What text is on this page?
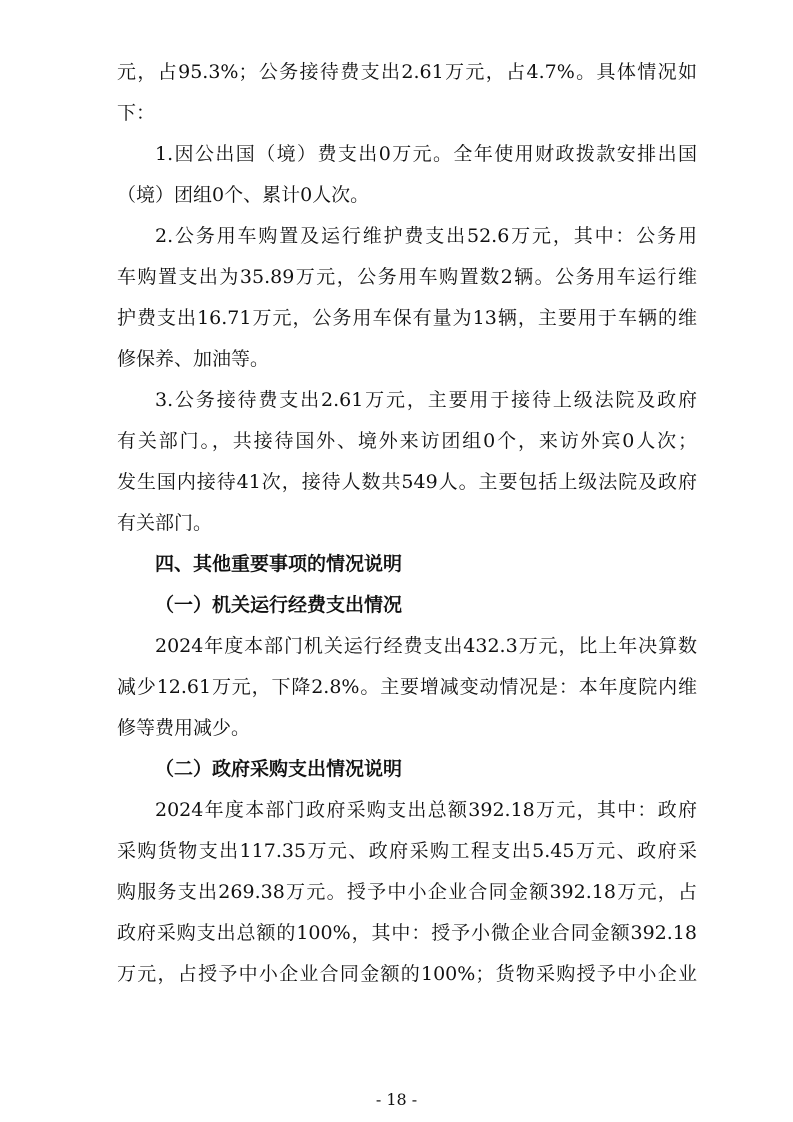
元，占95.3%；公务接待费支出2.61万元，占4.7%。具体情况如
下：
1.因公出国（境）费支出0万元。全年使用财政拨款安排出国
（境）团组0个、累计0人次。
2.公务用车购置及运行维护费支出52.6万元，其中：公务用
车购置支出为35.89万元，公务用车购置数2辆。公务用车运行维
护费支出16.71万元，公务用车保有量为13辆，主要用于车辆的维
修保养、加油等。
3.公务接待费支出2.61万元，主要用于接待上级法院及政府
有关部门。，共接待国外、境外来访团组0个，来访外宾0人次；
发生国内接待41次，接待人数共549人。主要包括上级法院及政府
有关部门。
四、其他重要事项的情况说明
（一）机关运行经费支出情况
2024年度本部门机关运行经费支出432.3万元，比上年决算数
减少12.61万元，下降2.8%。主要增减变动情况是：本年度院内维
修等费用减少。
（二）政府采购支出情况说明
2024年度本部门政府采购支出总额392.18万元，其中：政府
采购货物支出117.35万元、政府采购工程支出5.45万元、政府采
购服务支出269.38万元。授予中小企业合同金额392.18万元，占
政府采购支出总额的100%，其中：授予小微企业合同金额392.18
万元，占授予中小企业合同金额的100%；货物采购授予中小企业
- 18 -
